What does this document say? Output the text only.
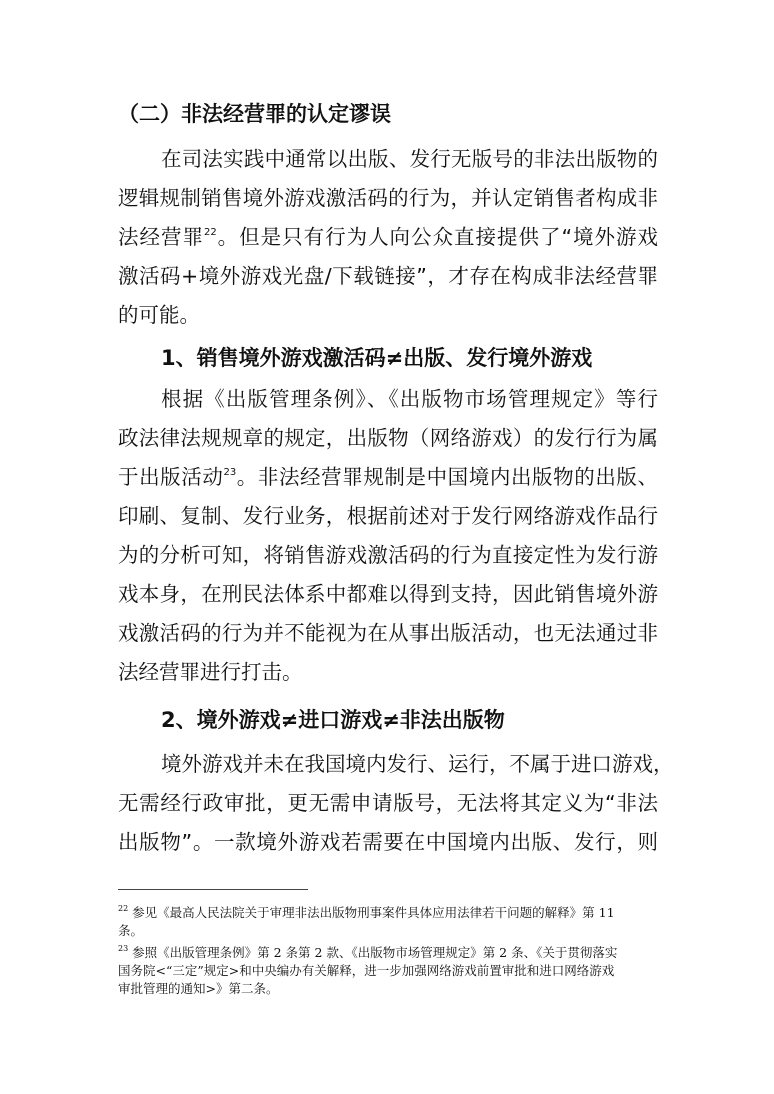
（二）非法经营罪的认定谬误

在司法实践中通常以出版、发行无版号的非法出版物的

逻辑规制销售境外游戏激活码的行为，并认定销售者构成非

法经营罪$^{22}$。但是只有行为人向公众直接提供了“境外游戏

激活码+境外游戏光盘/下载链接”，才存在构成非法经营罪

的可能。

1、销售境外游戏激活码≠出版、发行境外游戏

根据《出版管理条例》、《出版物市场管理规定》等行

政法律法规规章的规定，出版物（网络游戏）的发行行为属

于出版活动$^{23}$。非法经营罪规制是中国境内出版物的出版、

印刷、复制、发行业务，根据前述对于发行网络游戏作品行

为的分析可知，将销售游戏激活码的行为直接定性为发行游

戏本身，在刑民法体系中都难以得到支持，因此销售境外游

戏激活码的行为并不能视为在从事出版活动，也无法通过非

法经营罪进行打击。

2、境外游戏≠进口游戏≠非法出版物

境外游戏并未在我国境内发行、运行，不属于进口游戏，

无需经行政审批，更无需申请版号，无法将其定义为“非法

出版物”。一款境外游戏若需要在中国境内出版、发行，则

$^{22}$ 参见《最高人民法院关于审理非法出版物刑事案件具体应用法律若干问题的解释》第 11

条。

$^{23}$ 参照《出版管理条例》第 2 条第 2 款、《出版物市场管理规定》第 2 条、《关于贯彻落实

国务院<“三定”规定>和中央编办有关解释，进一步加强网络游戏前置审批和进口网络游戏

审批管理的通知>》第二条。
